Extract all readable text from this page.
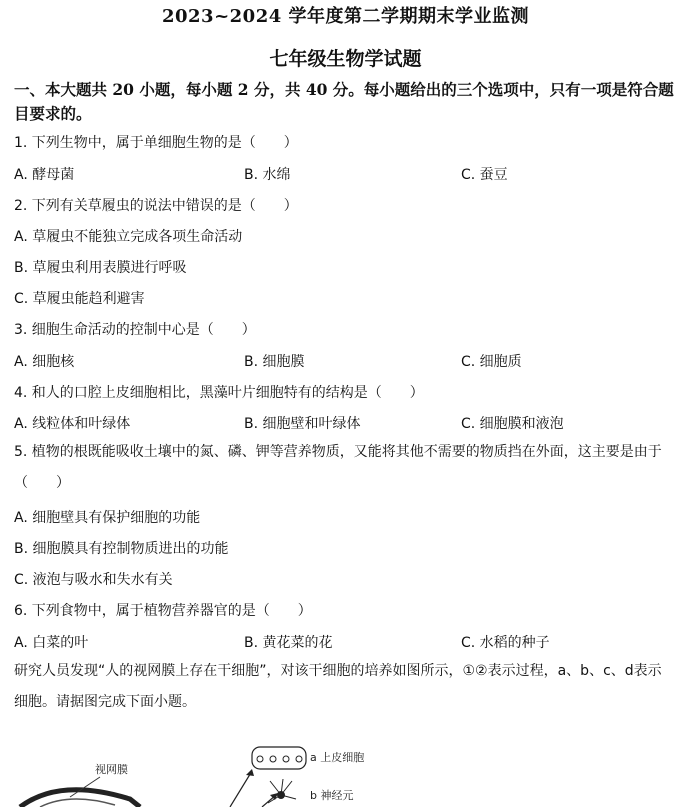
2023~2024 学年度第二学期期末学业监测
七年级生物学试题
一、本大题共 20 小题，每小题 2 分，共 40 分。每小题给出的三个选项中，只有一项是符合题目要求的。
1. 下列生物中，属于单细胞生物的是（　　）
A. 酵母菌	B. 水绵	C. 蚕豆
2. 下列有关草履虫的说法中错误的是（　　）
A. 草履虫不能独立完成各项生命活动
B. 草履虫利用表膜进行呼吸
C. 草履虫能趋利避害
3. 细胞生命活动的控制中心是（　　）
A. 细胞核	B. 细胞膜	C. 细胞质
4. 和人的口腔上皮细胞相比，黑藻叶片细胞特有的结构是（　　）
A. 线粒体和叶绿体	B. 细胞壁和叶绿体	C. 细胞膜和液泡
5. 植物的根既能吸收土壤中的氮、磷、钾等营养物质，又能将其他不需要的物质挡在外面，这主要是由于（　　）
A. 细胞壁具有保护细胞的功能
B. 细胞膜具有控制物质进出的功能
C. 液泡与吸水和失水有关
6. 下列食物中，属于植物营养器官的是（　　）
A. 白菜的叶	B. 黄花菜的花	C. 水稻的种子
研究人员发现“人的视网膜上存在干细胞”，对该干细胞的培养如图所示，①②表示过程，a、b、c、d表示细胞。请据图完成下面小题。
视网膜
a 上皮细胞
b 神经元
